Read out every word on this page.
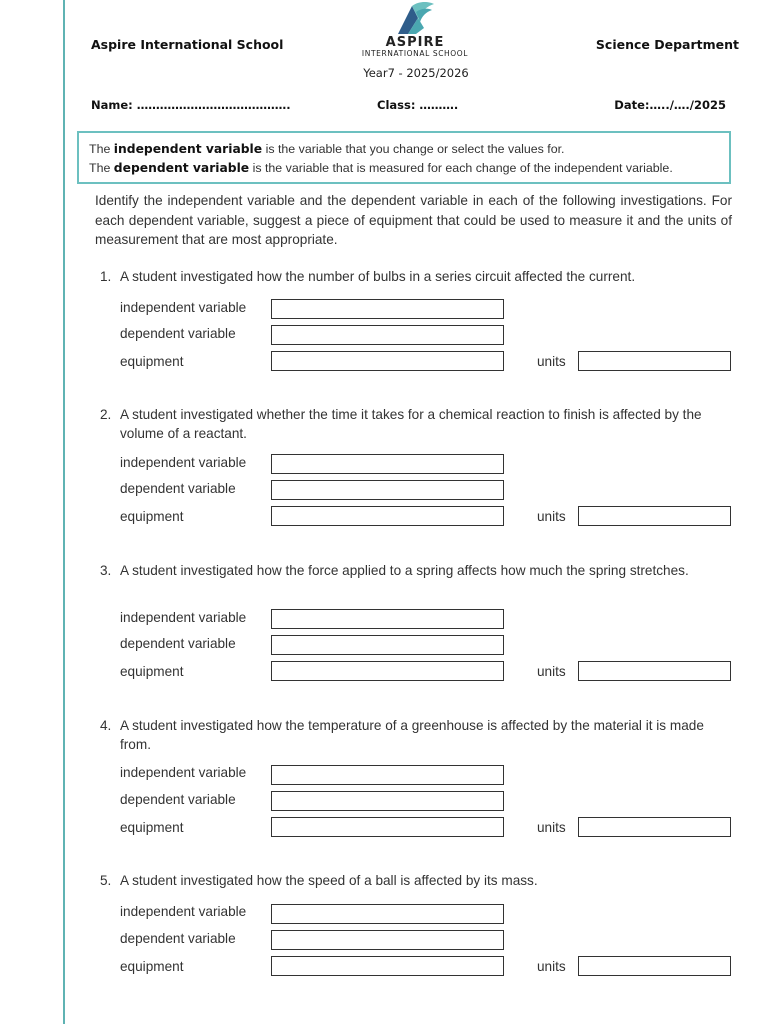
Aspire International School	ASPIRE
INTERNATIONAL SCHOOL
Science Department
Year7 - 2025/2026
Name: ………………………………….	Class: ……….	Date:…../…./2025
The independent variable is the variable that you change or select the values for.
The dependent variable is the variable that is measured for each change of the independent variable.
Identify the independent variable and the dependent variable in each of the following investigations. For each dependent variable, suggest a piece of equipment that could be used to measure it and the units of measurement that are most appropriate.
1. A student investigated how the number of bulbs in a series circuit affected the current.
independent variable
dependent variable
equipment	units
2. A student investigated whether the time it takes for a chemical reaction to finish is affected by the volume of a reactant.
independent variable
dependent variable
equipment	units
3. A student investigated how the force applied to a spring affects how much the spring stretches.
independent variable
dependent variable
equipment	units
4. A student investigated how the temperature of a greenhouse is affected by the material it is made from.
independent variable
dependent variable
equipment	units
5. A student investigated how the speed of a ball is affected by its mass.
independent variable
dependent variable
equipment	units
